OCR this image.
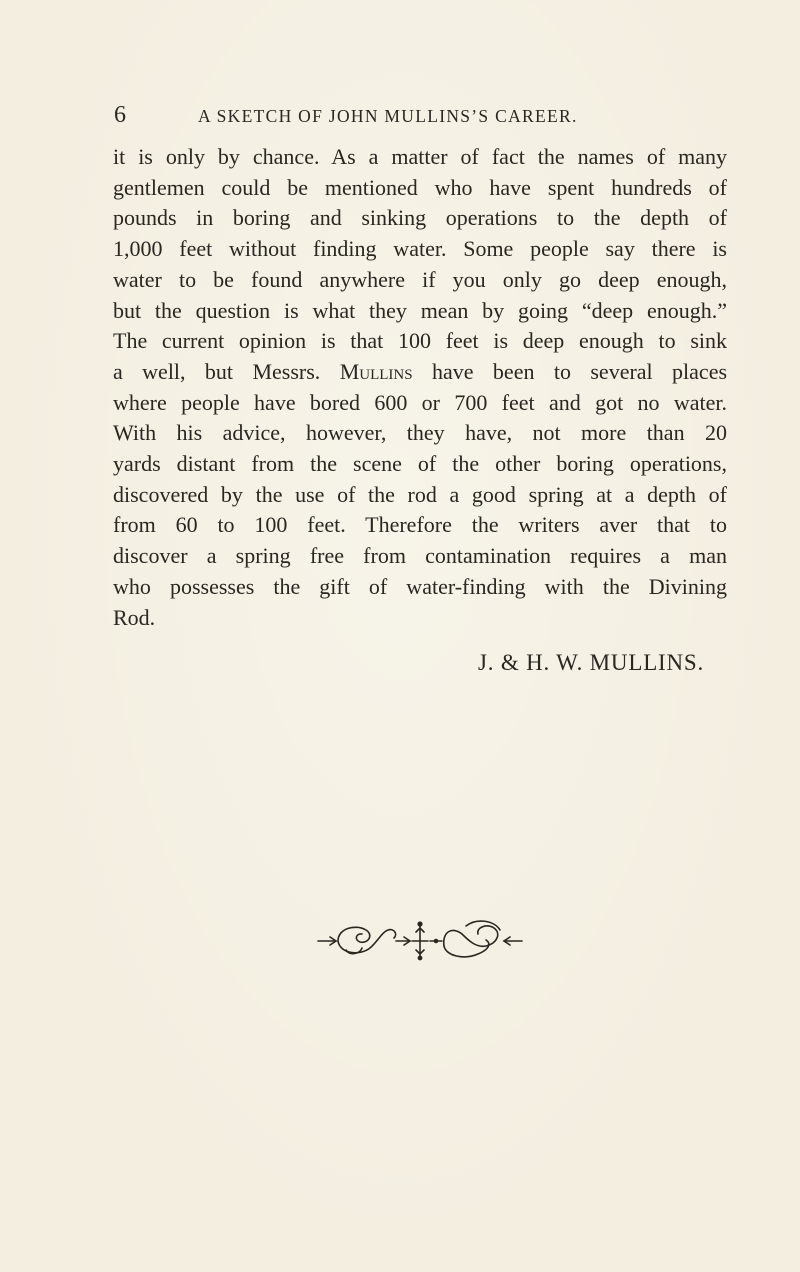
6	A SKETCH OF JOHN MULLINS’S CAREER.
it is only by chance. As a matter of fact the names of many
gentlemen could be mentioned who have spent hundreds of
pounds in boring and sinking operations to the depth of
1,000 feet without finding water. Some people say there is
water to be found anywhere if you only go deep enough,
but the question is what they mean by going “deep enough.”
The current opinion is that 100 feet is deep enough to sink
a well, but Messrs. Mullins have been to several places
where people have bored 600 or 700 feet and got no water.
With his advice, however, they have, not more than 20
yards distant from the scene of the other boring operations,
discovered by the use of the rod a good spring at a depth of
from 60 to 100 feet. Therefore the writers aver that to
discover a spring free from contamination requires a man
who possesses the gift of water-finding with the Divining
Rod.
J. & H. W. MULLINS.
